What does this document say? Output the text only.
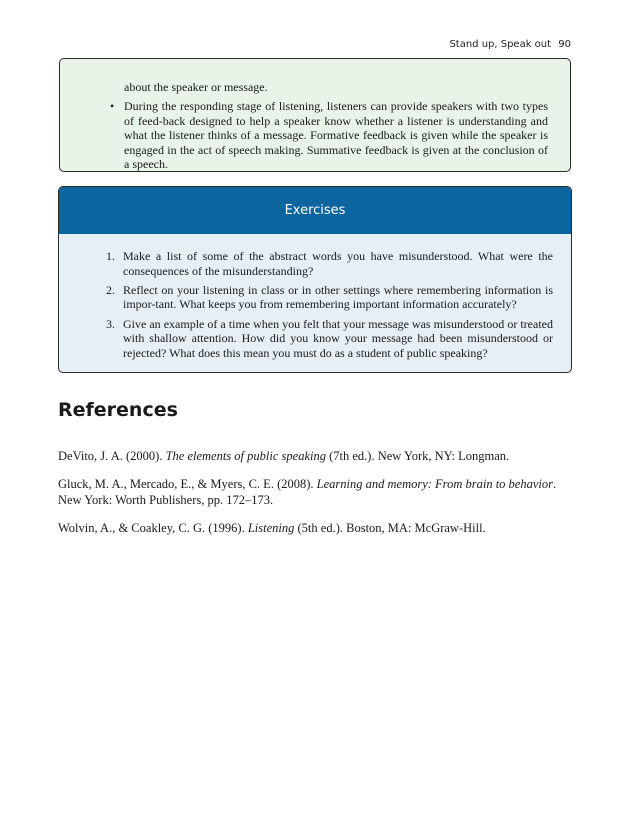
Stand up, Speak out 90

about the speaker or message.

• During the responding stage of listening, listeners can provide speakers with two types of feed-back designed to help a speaker know whether a listener is understanding and what the listener thinks of a message. Formative feedback is given while the speaker is engaged in the act of speech making. Summative feedback is given at the conclusion of a speech.
Exercises
1. Make a list of some of the abstract words you have misunderstood. What were the consequences of the misunderstanding?
2. Reflect on your listening in class or in other settings where remembering information is impor-tant. What keeps you from remembering important information accurately?
3. Give an example of a time when you felt that your message was misunderstood or treated with shallow attention. How did you know your message had been misunderstood or rejected? What does this mean you must do as a student of public speaking?
References

DeVito, J. A. (2000). The elements of public speaking (7th ed.). New York, NY: Longman.

Gluck, M. A., Mercado, E., & Myers, C. E. (2008). Learning and memory: From brain to behavior. New York: Worth Publishers, pp. 172–173.

Wolvin, A., & Coakley, C. G. (1996). Listening (5th ed.). Boston, MA: McGraw-Hill.
